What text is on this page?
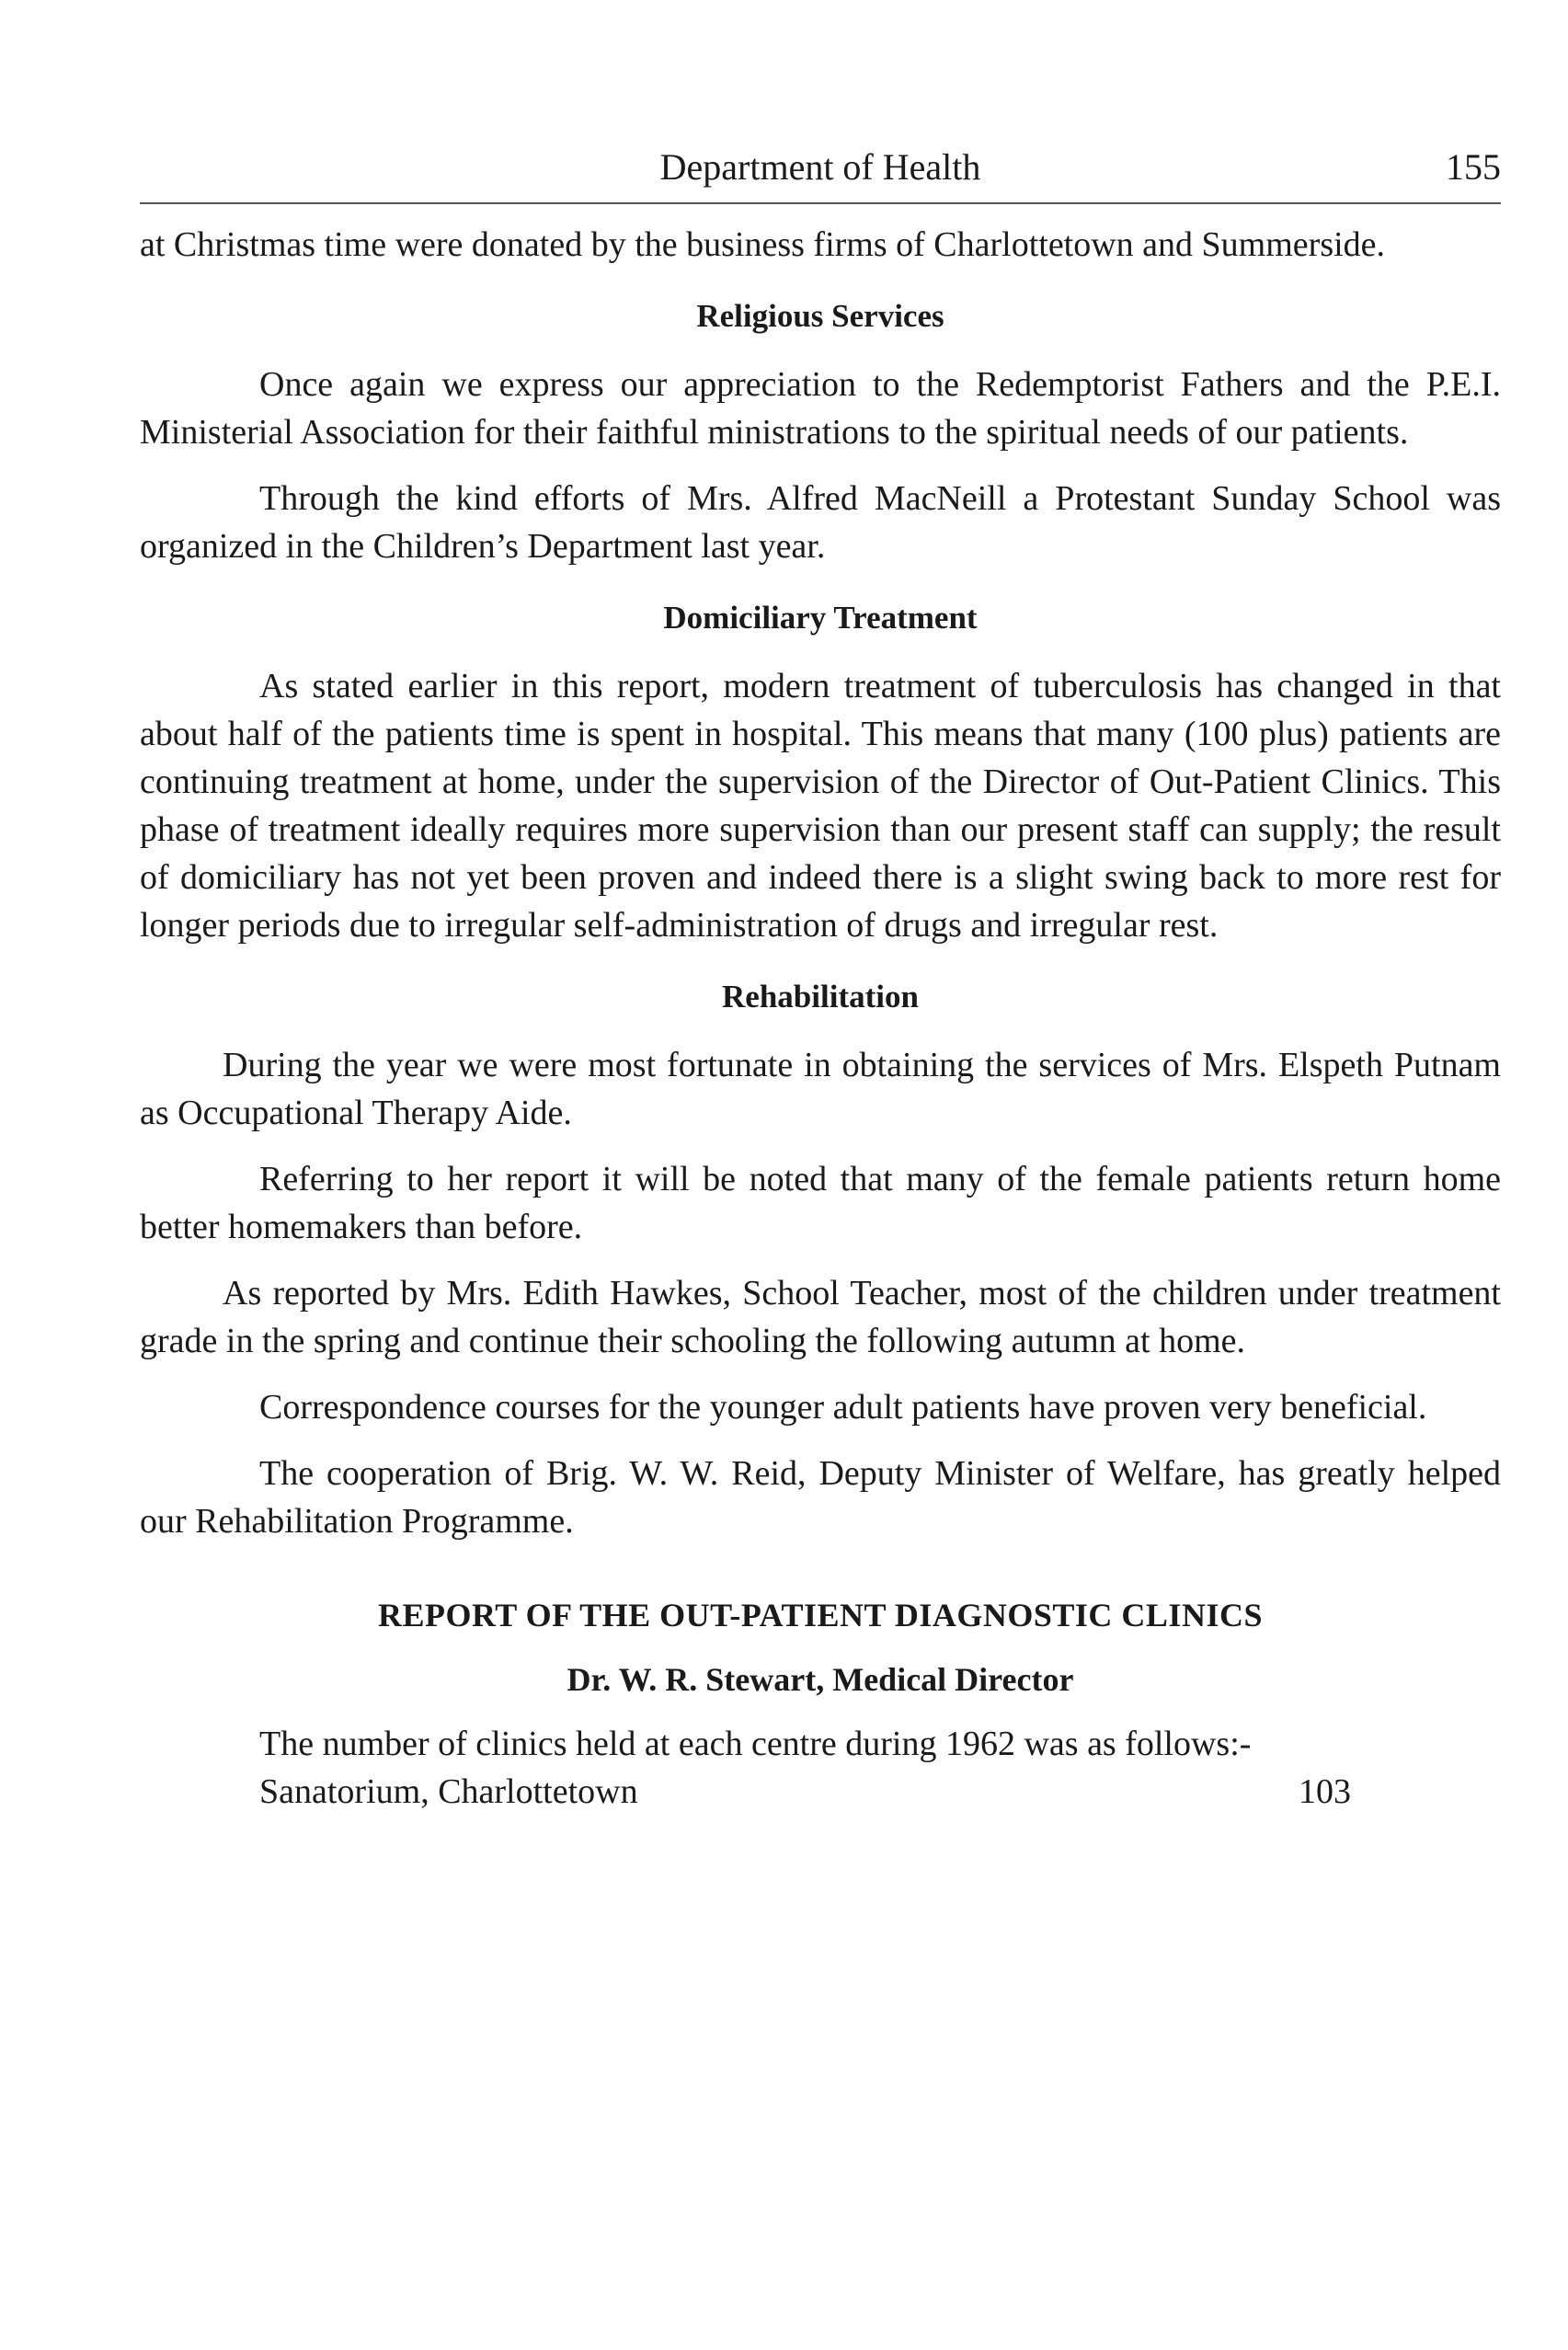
Department of Health	155

at Christmas time were donated by the business firms of Charlottetown and Summerside.

Religious Services

Once again we express our appreciation to the Redemptorist Fathers and the P.E.I. Ministerial Association for their faithful ministrations to the spiritual needs of our patients.

Through the kind efforts of Mrs. Alfred MacNeill a Protestant Sunday School was organized in the Children’s Department last year.

Domiciliary Treatment

As stated earlier in this report, modern treatment of tuberculosis has changed in that about half of the patients time is spent in hospital. This means that many (100 plus) patients are continuing treatment at home, under the supervision of the Director of Out-Patient Clinics. This phase of treatment ideally requires more supervision than our present staff can supply; the result of domiciliary has not yet been proven and indeed there is a slight swing back to more rest for longer periods due to irregular self-administration of drugs and irregular rest.

Rehabilitation

During the year we were most fortunate in obtaining the services of Mrs. Elspeth Putnam as Occupational Therapy Aide.

Referring to her report it will be noted that many of the female patients return home better homemakers than before.

As reported by Mrs. Edith Hawkes, School Teacher, most of the children under treatment grade in the spring and continue their schooling the following autumn at home.

Correspondence courses for the younger adult patients have proven very beneficial.

The cooperation of Brig. W. W. Reid, Deputy Minister of Welfare, has greatly helped our Rehabilitation Programme.

REPORT OF THE OUT-PATIENT DIAGNOSTIC CLINICS
Dr. W. R. Stewart, Medical Director

The number of clinics held at each centre during 1962 was as follows:-

Sanatorium, Charlottetown	103
